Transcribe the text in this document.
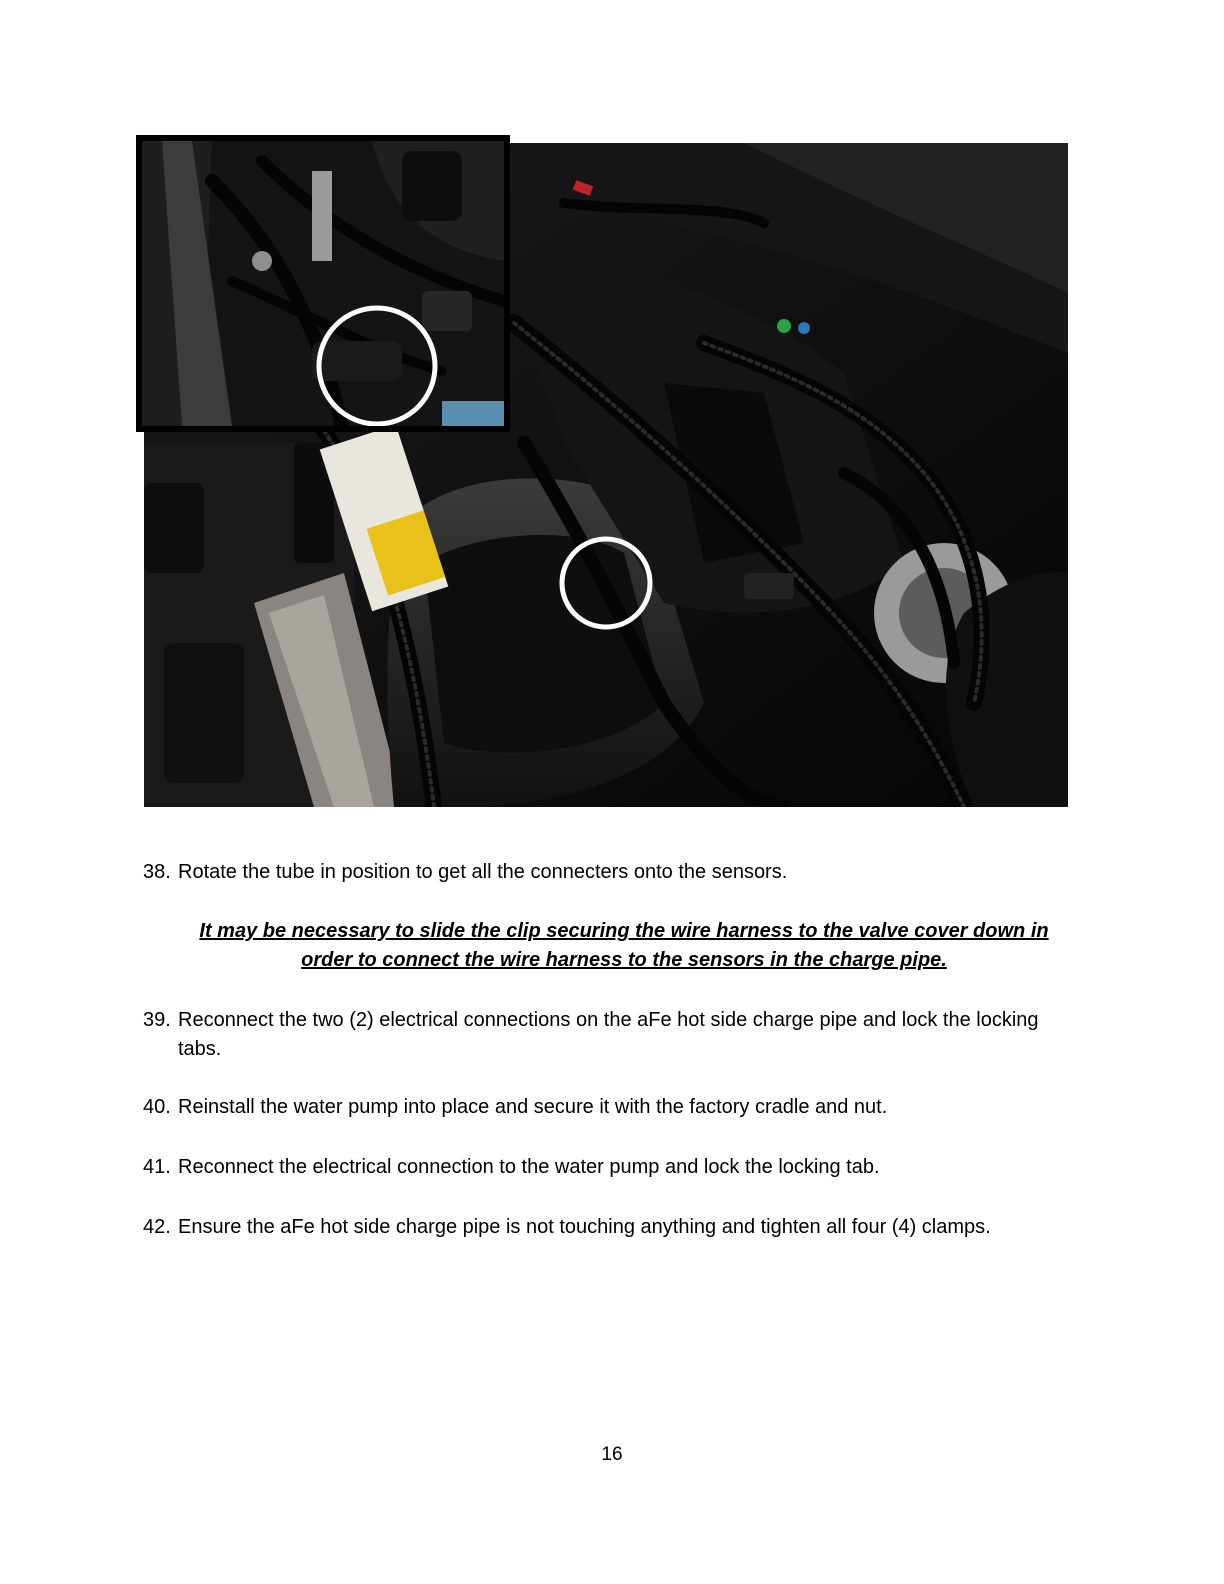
38. Rotate the tube in position to get all the connecters onto the sensors.
It may be necessary to slide the clip securing the wire harness to the valve cover down in order to connect the wire harness to the sensors in the charge pipe.
39. Reconnect the two (2) electrical connections on the aFe hot side charge pipe and lock the locking tabs.
40. Reinstall the water pump into place and secure it with the factory cradle and nut.
41. Reconnect the electrical connection to the water pump and lock the locking tab.
42. Ensure the aFe hot side charge pipe is not touching anything and tighten all four (4) clamps.
16
